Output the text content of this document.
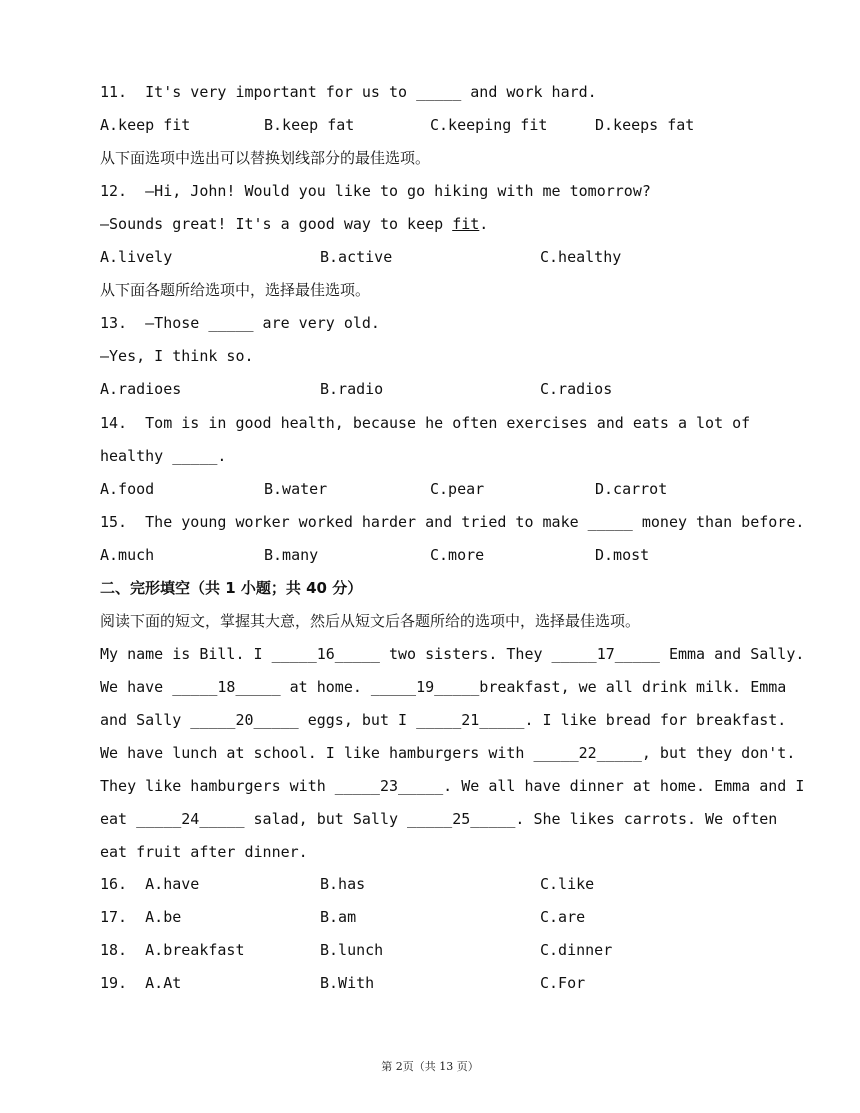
11.  It's very important for us to _____ and work hard.
A.keep fit	B.keep fat	C.keeping fit	D.keeps fat
从下面选项中选出可以替换划线部分的最佳选项。
12.  —Hi, John! Would you like to go hiking with me tomorrow?
—Sounds great! It's a good way to keep fit.
A.lively	B.active	C.healthy
从下面各题所给选项中，选择最佳选项。
13.  —Those _____ are very old.
—Yes, I think so.
A.radioes	B.radio	C.radios
14.  Tom is in good health, because he often exercises and eats a lot of
healthy _____.
A.food	B.water	C.pear	D.carrot
15.  The young worker worked harder and tried to make _____ money than before.
A.much	B.many	C.more	D.most
二、完形填空（共 1 小题；共 40 分）
阅读下面的短文，掌握其大意，然后从短文后各题所给的选项中，选择最佳选项。
My name is Bill. I _____16_____ two sisters. They _____17_____ Emma and Sally.
We have _____18_____ at home. _____19_____breakfast, we all drink milk. Emma
and Sally _____20_____ eggs, but I _____21_____. I like bread for breakfast.
We have lunch at school. I like hamburgers with _____22_____, but they don't.
They like hamburgers with _____23_____. We all have dinner at home. Emma and I
eat _____24_____ salad, but Sally _____25_____. She likes carrots. We often
eat fruit after dinner.
16.  A.have	B.has	C.like
17.  A.be	B.am	C.are
18.  A.breakfast	B.lunch	C.dinner
19.  A.At	B.With	C.For
第 2页（共 13 页）
